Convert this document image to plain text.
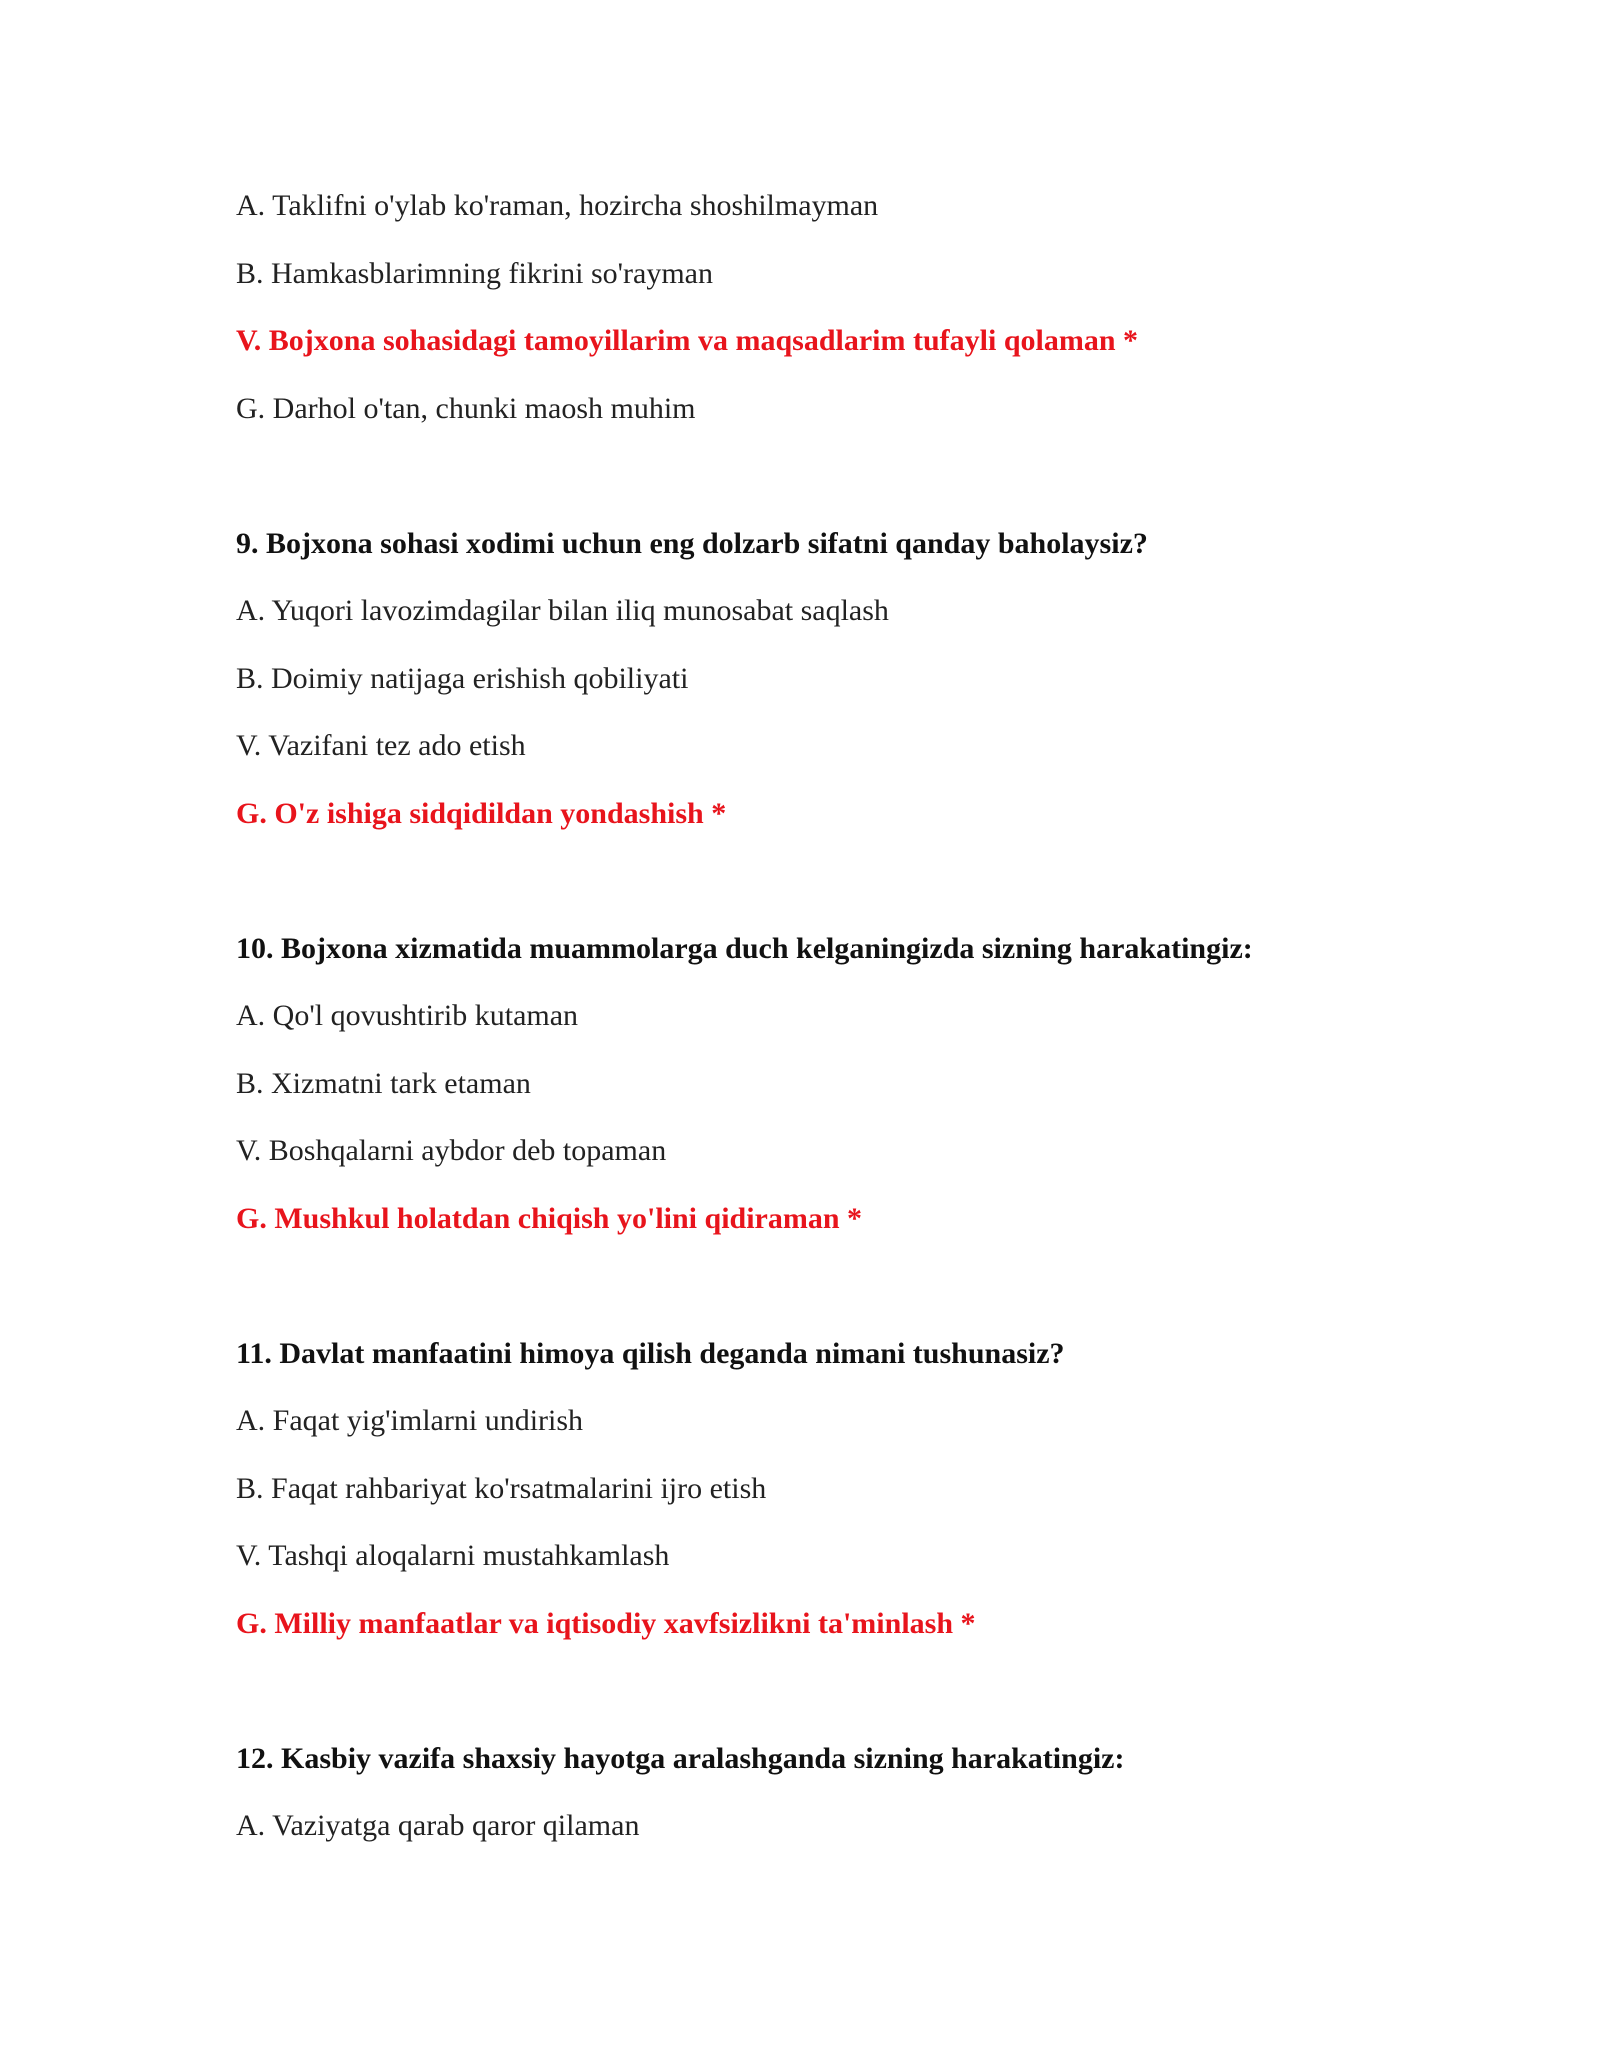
A. Taklifni o'ylab ko'raman, hozircha shoshilmayman
B. Hamkasblarimning fikrini so'rayman
V. Bojxona sohasidagi tamoyillarim va maqsadlarim tufayli qolaman *
G. Darhol o'tan, chunki maosh muhim
9. Bojxona sohasi xodimi uchun eng dolzarb sifatni qanday baholaysiz?
A. Yuqori lavozimdagilar bilan iliq munosabat saqlash
B. Doimiy natijaga erishish qobiliyati
V. Vazifani tez ado etish
G. O'z ishiga sidqidildan yondashish *
10. Bojxona xizmatida muammolarga duch kelganingizda sizning harakatingiz:
A. Qo'l qovushtirib kutaman
B. Xizmatni tark etaman
V. Boshqalarni aybdor deb topaman
G. Mushkul holatdan chiqish yo'lini qidiraman *
11. Davlat manfaatini himoya qilish deganda nimani tushunasiz?
A. Faqat yig'imlarni undirish
B. Faqat rahbariyat ko'rsatmalarini ijro etish
V. Tashqi aloqalarni mustahkamlash
G. Milliy manfaatlar va iqtisodiy xavfsizlikni ta'minlash *
12. Kasbiy vazifa shaxsiy hayotga aralashganda sizning harakatingiz:
A. Vaziyatga qarab qaror qilaman
